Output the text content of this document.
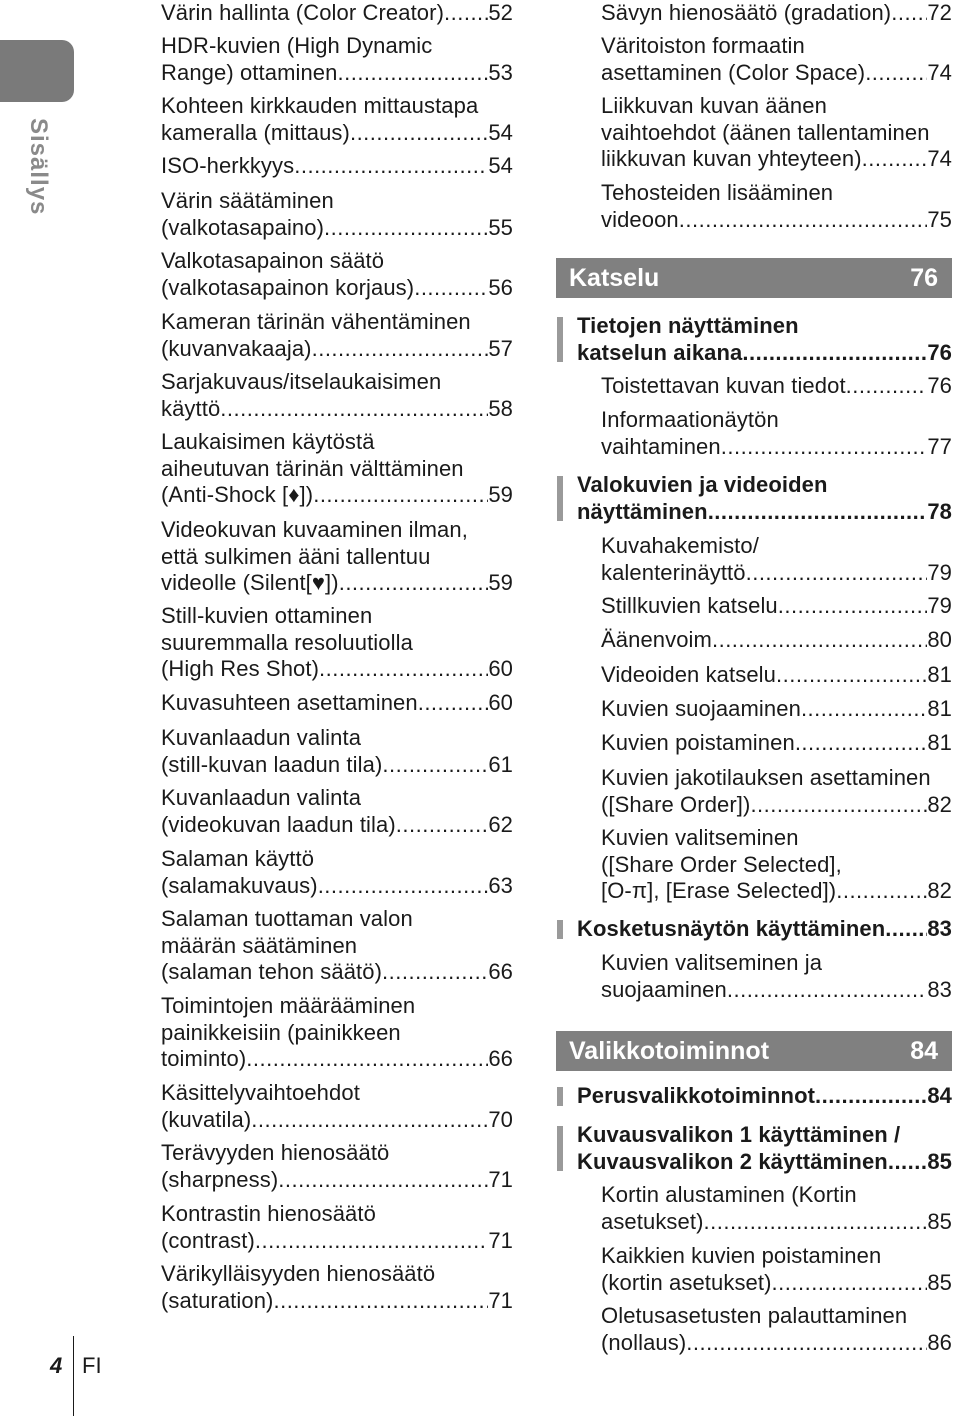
Sisällys
Värin hallinta (Color Creator) ..... 52
HDR-kuvien (High Dynamic
Range) ottaminen .....	53
Kohteen kirkkauden mittaustapa
kameralla (mittaus) .....	54
ISO-herkkyys .....	54
Värin säätäminen
(valkotasapaino) .....	55
Valkotasapainon säätö
(valkotasapainon korjaus) .....	56
Kameran tärinän vähentäminen
(kuvanvakaaja) .....	57
Sarjakuvaus/itselaukaisimen
käyttö .....	58
Laukaisimen käytöstä
aiheutuvan tärinän välttäminen
(Anti-Shock [♦]) .....	59
Videokuvan kuvaaminen ilman,
että sulkimen ääni tallentuu
videolle (Silent[♥]) .....	59
Still-kuvien ottaminen
suuremmalla resoluutiolla
(High Res Shot) .....	60
Kuvasuhteen asettaminen .....	60
Kuvanlaadun valinta
(still-kuvan laadun tila) .....	61
Kuvanlaadun valinta
(videokuvan laadun tila) .....	62
Salaman käyttö
(salamakuvaus) .....	63
Salaman tuottaman valon
määrän säätäminen
(salaman tehon säätö) .....	66
Toimintojen määrääminen
painikkeisiin (painikkeen
toiminto) .....	66
Käsittelyvaihtoehdot
(kuvatila) .....	70
Terävyyden hienosäätö
(sharpness) .....	71
Kontrastin hienosäätö
(contrast) .....	71
Värikylläisyyden hienosäätö
(saturation) .....	71
Sävyn hienosäätö (gradation) ..... 72
Väritoiston formaatin
asettaminen (Color Space) .....	74
Liikkuvan kuvan äänen
vaihtoehdot (äänen tallentaminen
liikkuvan kuvan yhteyteen) .....	74
Tehosteiden lisääminen
videoon .....	75
Katselu	76
Tietojen näyttäminen
katselun aikana .....	76
Toistettavan kuvan tiedot .....	76
Informaationäytön
vaihtaminen .....	77
Valokuvien ja videoiden
näyttäminen .....	78
Kuvahakemisto/
kalenterinäyttö .....	79
Stillkuvien katselu .....	79
Äänenvoim .....	80
Videoiden katselu .....	81
Kuvien suojaaminen .....	81
Kuvien poistaminen .....	81
Kuvien jakotilauksen asettaminen
([Share Order]) .....	82
Kuvien valitseminen
([Share Order Selected],
[O-π], [Erase Selected]) .....	82
Kosketusnäytön käyttäminen ..... 83
Kuvien valitseminen ja
suojaaminen .....	83
Valikkotoiminnot	84
Perusvalikkotoiminnot .....	84
Kuvausvalikon 1 käyttäminen /
Kuvausvalikon 2 käyttäminen ..... 85
Kortin alustaminen (Kortin
asetukset) .....	85
Kaikkien kuvien poistaminen
(kortin asetukset) .....	85
Oletusasetusten palauttaminen
(nollaus) .....	86
4 FI
